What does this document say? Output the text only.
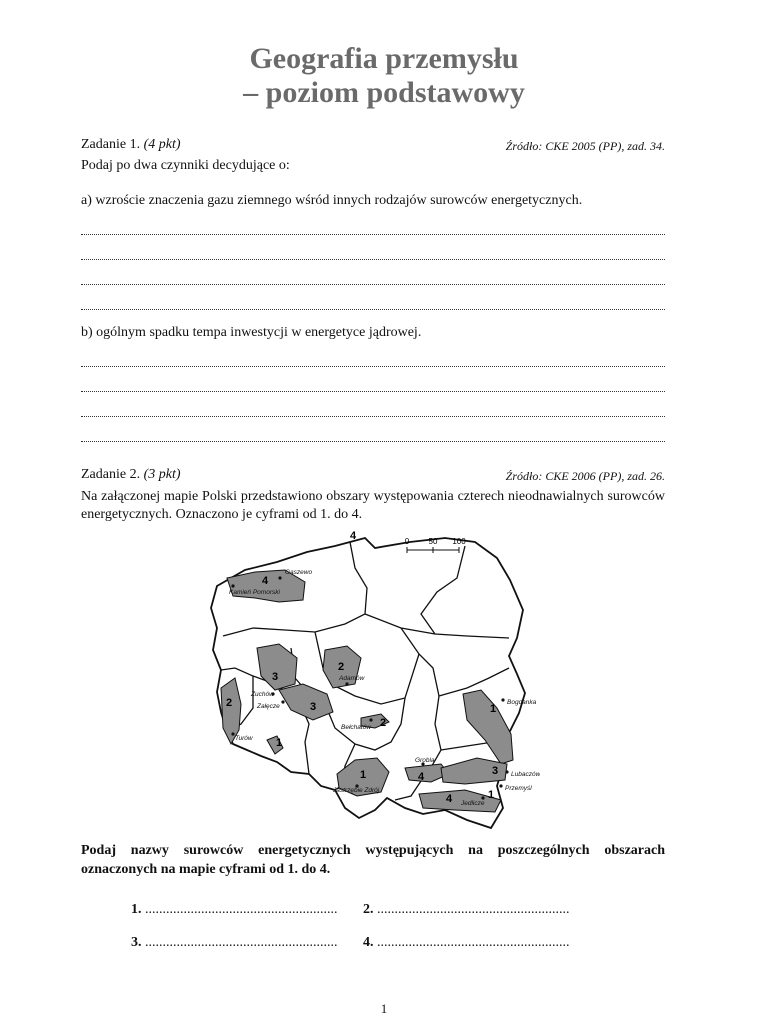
Geografia przemysłu
– poziom podstawowy
Zadanie 1. (4 pkt)	Źródło: CKE 2005 (PP), zad. 34.
Podaj po dwa czynniki decydujące o:
a) wzroście znaczenia gazu ziemnego wśród innych rodzajów surowców energetycznych.
b) ogólnym spadku tempa inwestycji w energetyce jądrowej.
Zadanie 2. (3 pkt)	Źródło: CKE 2006 (PP), zad. 26.
Na załączonej mapie Polski przedstawiono obszary występowania czterech nieodnawialnych surowców energetycznych. Oznaczono je cyframi od 1. do 4.
0 50 100
4
4
3
2
2	3
2
1
1
1	4	3
1
4
Gaszewo
Kamień Pomorski
Zuchów
Załęcze
Turów
Adamów
Bełchatów
Bogdanka
Lubaczów
Przemyśl
Jedlicze
Grobla
Jastrzębie Zdrój
Podaj nazwy surowców energetycznych występujących na poszczególnych obszarach oznaczonych na mapie cyframi od 1. do 4.
1. ....................................................... 2. .......................................................
3. ....................................................... 4. .......................................................
1
